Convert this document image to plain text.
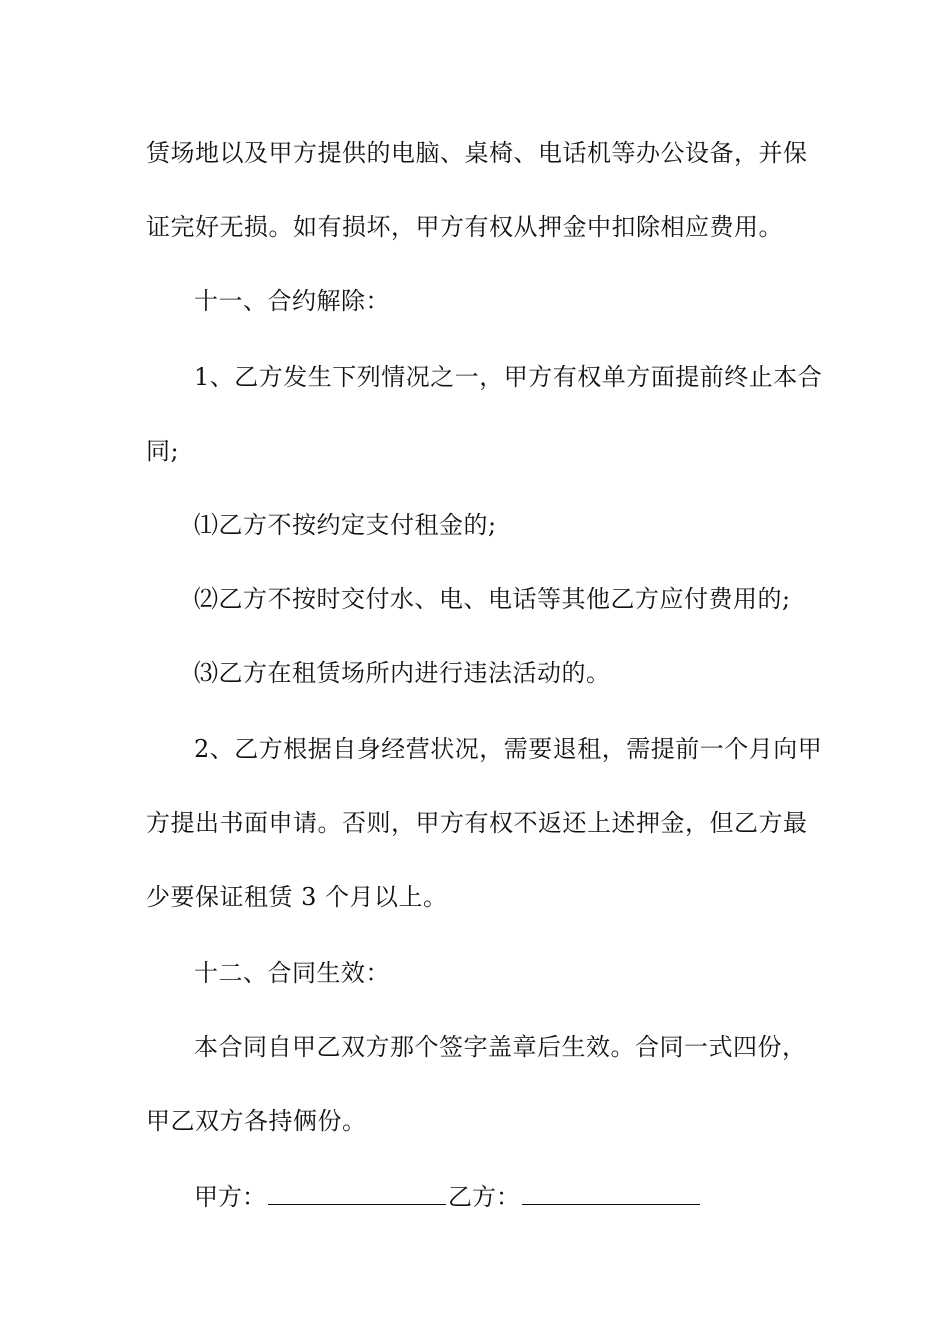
赁场地以及甲方提供的电脑、桌椅、电话机等办公设备，并保
证完好无损。如有损坏，甲方有权从押金中扣除相应费用。
十一、合约解除：
1、乙方发生下列情况之一，甲方有权单方面提前终止本合
同;
⑴乙方不按约定支付租金的;
⑵乙方不按时交付水、电、电话等其他乙方应付费用的;
⑶乙方在租赁场所内进行违法活动的。
2、乙方根据自身经营状况，需要退租，需提前一个月向甲
方提出书面申请。否则，甲方有权不返还上述押金，但乙方最
少要保证租赁 3 个月以上。
十二、合同生效：
本合同自甲乙双方那个签字盖章后生效。合同一式四份，
甲乙双方各持俩份。
甲方：	乙方：
